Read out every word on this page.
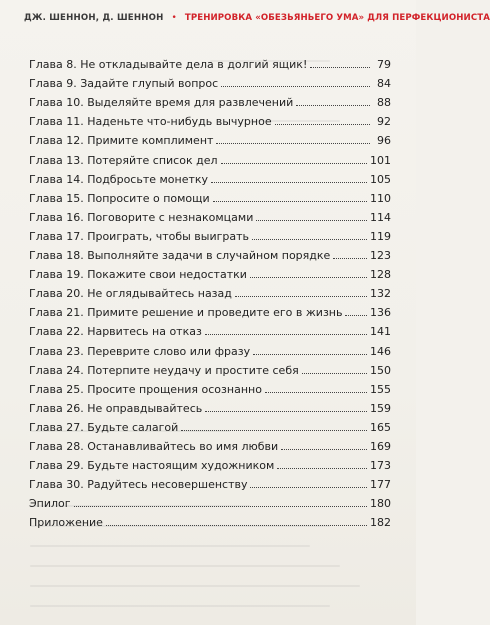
ДЖ. ШЕННОН, Д. ШЕННОН • ТРЕНИРОВКА «ОБЕЗЬЯНЬЕГО УМА» ДЛЯ ПЕРФЕКЦИОНИСТА
Глава 8. Не откладывайте дела в долгий ящик!	79
Глава 9. Задайте глупый вопрос	84
Глава 10. Выделяйте время для развлечений	88
Глава 11. Наденьте что-нибудь вычурное	92
Глава 12. Примите комплимент	96
Глава 13. Потеряйте список дел	101
Глава 14. Подбросьте монетку	105
Глава 15. Попросите о помощи	110
Глава 16. Поговорите с незнакомцами	114
Глава 17. Проиграть, чтобы выиграть	119
Глава 18. Выполняйте задачи в случайном порядке	123
Глава 19. Покажите свои недостатки	128
Глава 20. Не оглядывайтесь назад	132
Глава 21. Примите решение и проведите его в жизнь	136
Глава 22. Нарвитесь на отказ	141
Глава 23. Переврите слово или фразу	146
Глава 24. Потерпите неудачу и простите себя	150
Глава 25. Просите прощения осознанно	155
Глава 26. Не оправдывайтесь	159
Глава 27. Будьте салагой	165
Глава 28. Останавливайтесь во имя любви	169
Глава 29. Будьте настоящим художником	173
Глава 30. Радуйтесь несовершенству	177
Эпилог	180
Приложение	182
